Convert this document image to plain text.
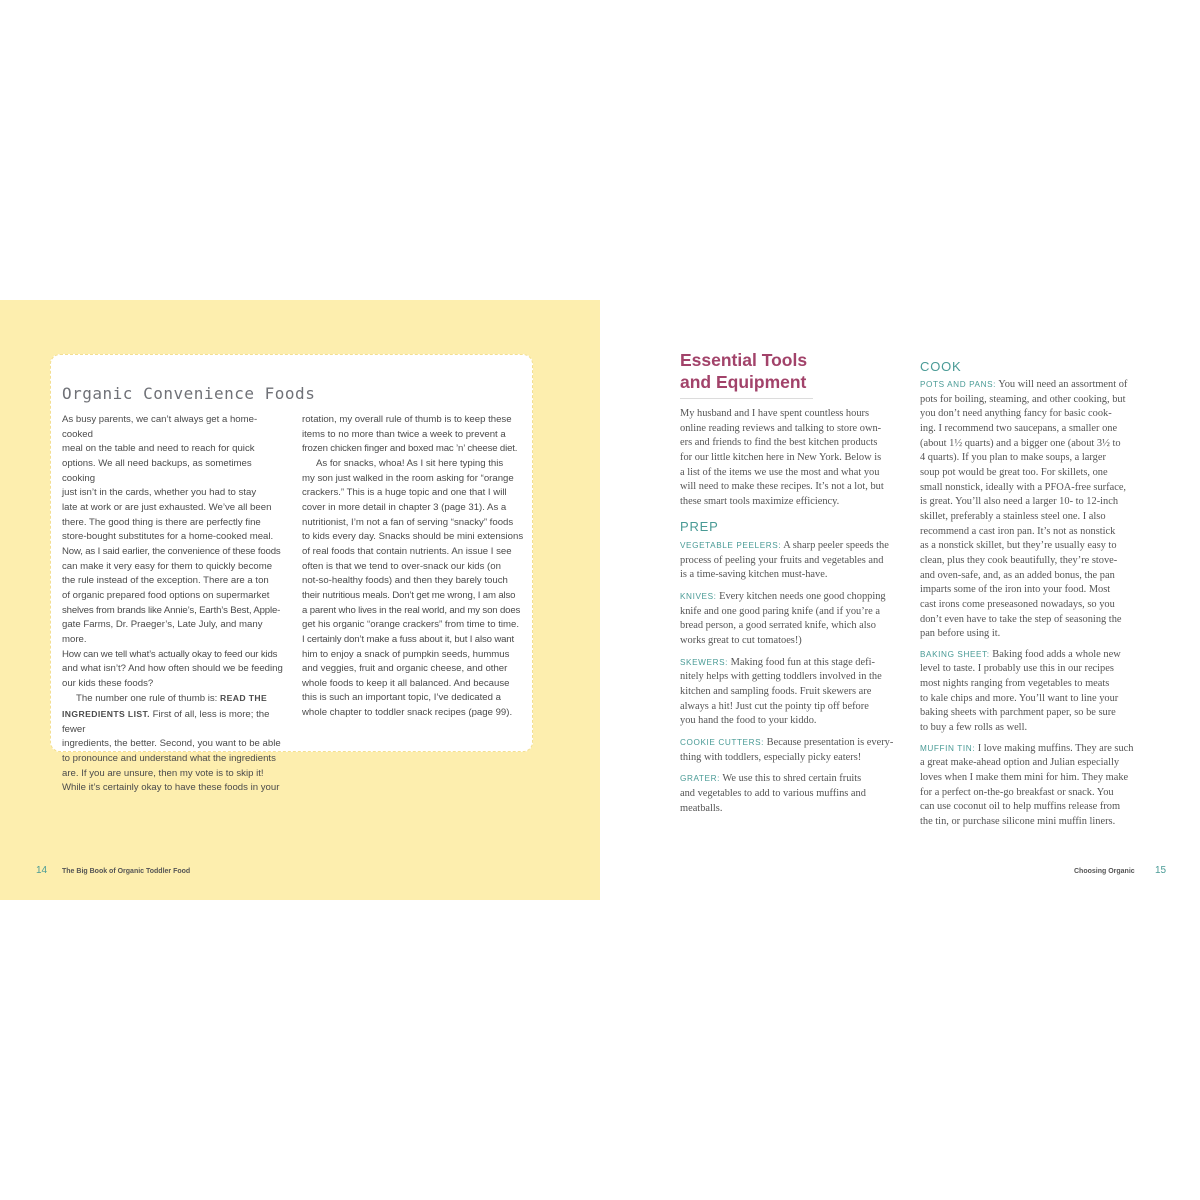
Organic Convenience Foods

As busy parents, we can’t always get a home-cooked

meal on the table and need to reach for quick

options. We all need backups, as sometimes cooking

just isn’t in the cards, whether you had to stay

late at work or are just exhausted. We’ve all been

there. The good thing is there are perfectly fine

store-bought substitutes for a home-cooked meal.

Now, as I said earlier, the convenience of these foods

can make it very easy for them to quickly become

the rule instead of the exception. There are a ton

of organic prepared food options on supermarket

shelves from brands like Annie’s, Earth’s Best, Apple-

gate Farms, Dr. Praeger’s, Late July, and many more.

How can we tell what’s actually okay to feed our kids

and what isn’t? And how often should we be feeding

our kids these foods?

The number one rule of thumb is: READ THE

INGREDIENTS LIST. First of all, less is more; the fewer

ingredients, the better. Second, you want to be able

to pronounce and understand what the ingredients

are. If you are unsure, then my vote is to skip it!

While it’s certainly okay to have these foods in your

rotation, my overall rule of thumb is to keep these

items to no more than twice a week to prevent a

frozen chicken finger and boxed mac ’n’ cheese diet.

As for snacks, whoa! As I sit here typing this

my son just walked in the room asking for “orange

crackers.” This is a huge topic and one that I will

cover in more detail in chapter 3 (page 31). As a

nutritionist, I’m not a fan of serving “snacky” foods

to kids every day. Snacks should be mini extensions

of real foods that contain nutrients. An issue I see

often is that we tend to over-snack our kids (on

not-so-healthy foods) and then they barely touch

their nutritious meals. Don’t get me wrong, I am also

a parent who lives in the real world, and my son does

get his organic “orange crackers” from time to time.

I certainly don’t make a fuss about it, but I also want

him to enjoy a snack of pumpkin seeds, hummus

and veggies, fruit and organic cheese, and other

whole foods to keep it all balanced. And because

this is such an important topic, I’ve dedicated a

whole chapter to toddler snack recipes (page 99).

14 The Big Book of Organic Toddler Food
Essential Tools
and Equipment

My husband and I have spent countless hours

online reading reviews and talking to store own-

ers and friends to find the best kitchen products

for our little kitchen here in New York. Below is

a list of the items we use the most and what you

will need to make these recipes. It’s not a lot, but

these smart tools maximize efficiency.

PREP

VEGETABLE PEELERS: A sharp peeler speeds the

process of peeling your fruits and vegetables and

is a time-saving kitchen must-have.

KNIVES: Every kitchen needs one good chopping

knife and one good paring knife (and if you’re a

bread person, a good serrated knife, which also

works great to cut tomatoes!)

SKEWERS: Making food fun at this stage defi-

nitely helps with getting toddlers involved in the

kitchen and sampling foods. Fruit skewers are

always a hit! Just cut the pointy tip off before

you hand the food to your kiddo.

COOKIE CUTTERS: Because presentation is every-

thing with toddlers, especially picky eaters!

GRATER: We use this to shred certain fruits

and vegetables to add to various muffins and

meatballs.

COOK

POTS AND PANS: You will need an assortment of

pots for boiling, steaming, and other cooking, but

you don’t need anything fancy for basic cook-

ing. I recommend two saucepans, a smaller one

(about 1½ quarts) and a bigger one (about 3½ to

4 quarts). If you plan to make soups, a larger

soup pot would be great too. For skillets, one

small nonstick, ideally with a PFOA-free surface,

is great. You’ll also need a larger 10- to 12-inch

skillet, preferably a stainless steel one. I also

recommend a cast iron pan. It’s not as nonstick

as a nonstick skillet, but they’re usually easy to

clean, plus they cook beautifully, they’re stove-

and oven-safe, and, as an added bonus, the pan

imparts some of the iron into your food. Most

cast irons come preseasoned nowadays, so you

don’t even have to take the step of seasoning the

pan before using it.

BAKING SHEET: Baking food adds a whole new

level to taste. I probably use this in our recipes

most nights ranging from vegetables to meats

to kale chips and more. You’ll want to line your

baking sheets with parchment paper, so be sure

to buy a few rolls as well.

MUFFIN TIN: I love making muffins. They are such

a great make-ahead option and Julian especially

loves when I make them mini for him. They make

for a perfect on-the-go breakfast or snack. You

can use coconut oil to help muffins release from

the tin, or purchase silicone mini muffin liners.

Choosing Organic 15
